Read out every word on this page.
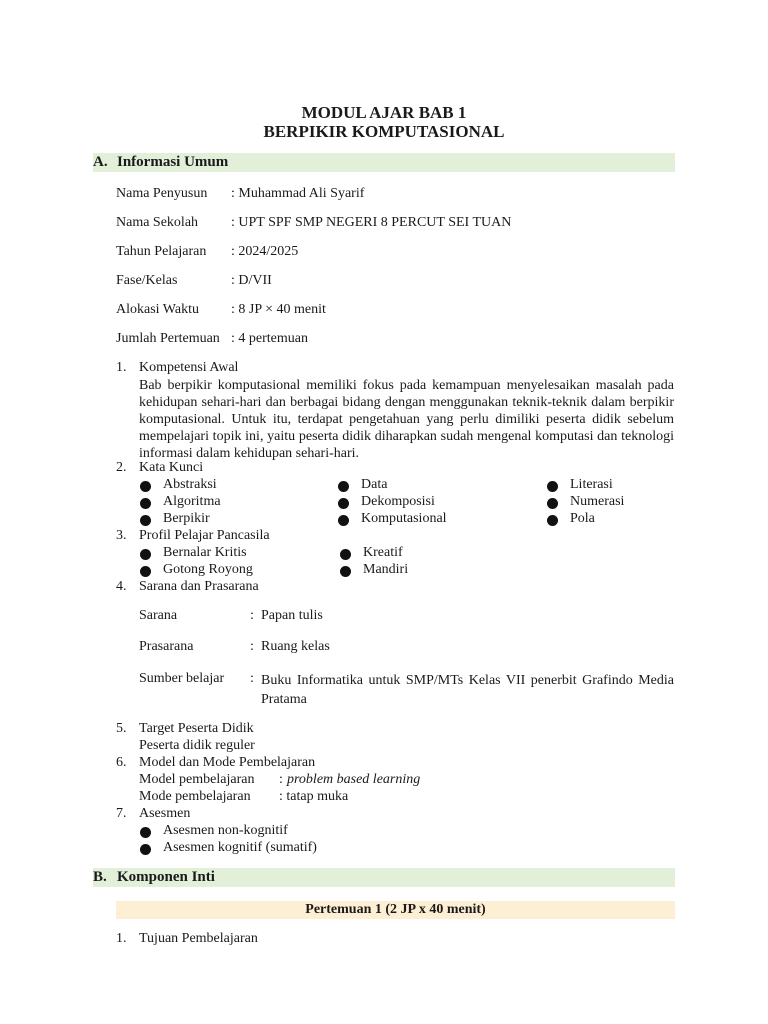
MODUL AJAR BAB 1
BERPIKIR KOMPUTASIONAL
A. Informasi Umum
Nama Penyusun : Muhammad Ali Syarif
Nama Sekolah : UPT SPF SMP NEGERI 8 PERCUT SEI TUAN
Tahun Pelajaran : 2024/2025
Fase/Kelas	: D/VII
Alokasi Waktu : 8 JP × 40 menit
Jumlah Pertemuan : 4 pertemuan
1. Kompetensi Awal
Bab berpikir komputasional memiliki fokus pada kemampuan menyelesaikan masalah pada kehidupan sehari-hari dan berbagai bidang dengan menggunakan teknik-teknik dalam berpikir komputasional. Untuk itu, terdapat pengetahuan yang perlu dimiliki peserta didik sebelum mempelajari topik ini, yaitu peserta didik diharapkan sudah mengenal komputasi dan teknologi informasi dalam kehidupan sehari-hari.
2. Kata Kunci
Abstraksi	Data	Literasi
Algoritma	Dekomposisi	Numerasi
Berpikir	Komputasional	Pola
3. Profil Pelajar Pancasila
Bernalar Kritis	Kreatif
Gotong Royong	Mandiri
4. Sarana dan Prasarana
Sarana	: Papan tulis
Prasarana	: Ruang kelas
Sumber belajar : Buku Informatika untuk SMP/MTs Kelas VII penerbit Grafindo Media Pratama
5. Target Peserta Didik
Peserta didik reguler
6. Model dan Mode Pembelajaran
Model pembelajaran : problem based learning
Mode pembelajaran : tatap muka
7. Asesmen
Asesmen non-kognitif
Asesmen kognitif (sumatif)
B. Komponen Inti
Pertemuan 1 (2 JP x 40 menit)
1. Tujuan Pembelajaran
